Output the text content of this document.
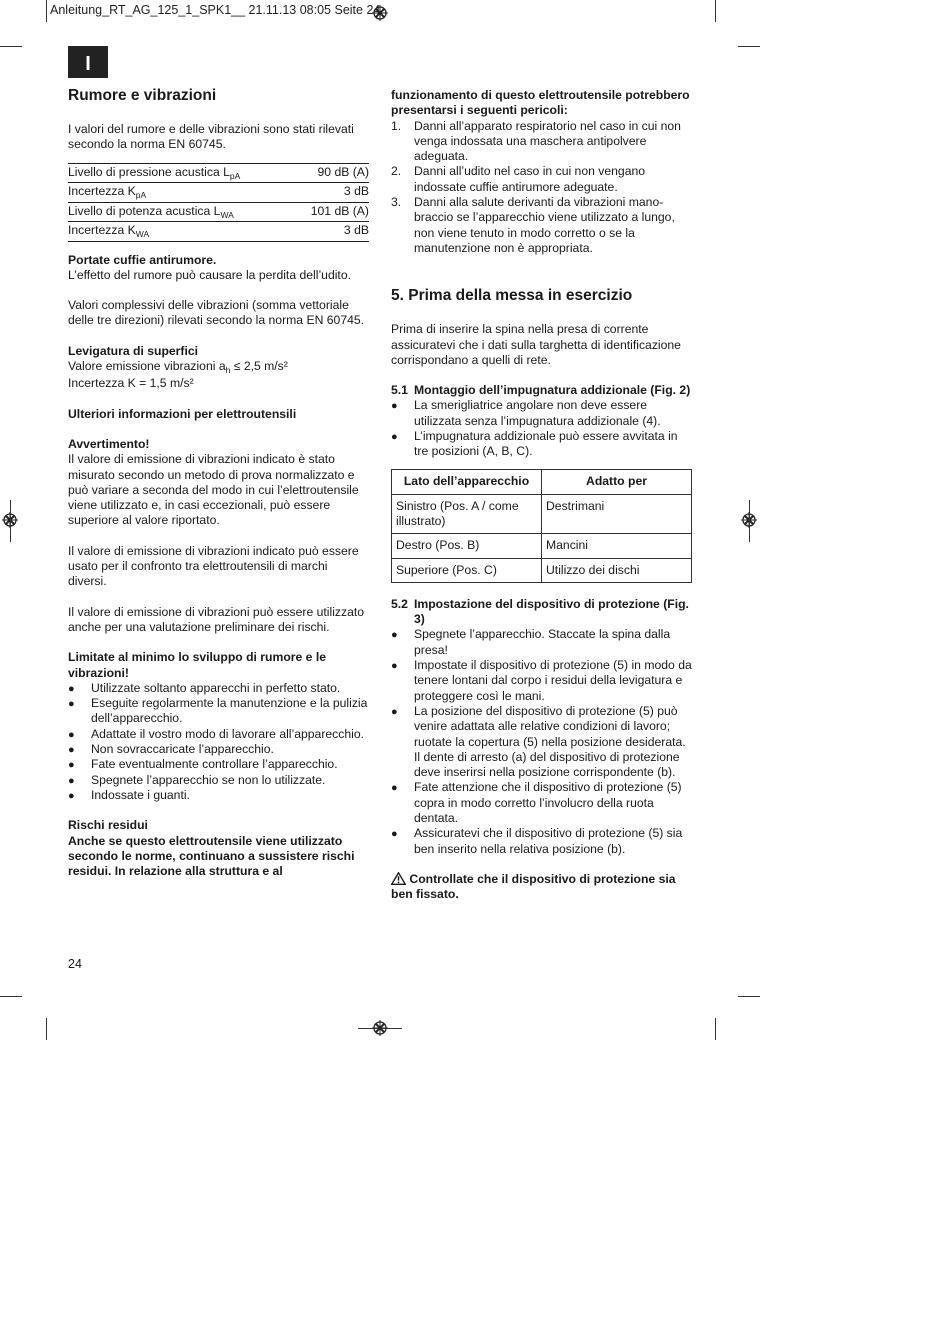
Anleitung_RT_AG_125_1_SPK1__ 21.11.13 08:05 Seite 24
I
Rumore e vibrazioni

I valori del rumore e delle vibrazioni sono stati rilevati secondo la norma EN 60745.

Livello di pressione acustica $L_{pA}$	90 dB (A)
Incertezza $K_{pA}$	3 dB
Livello di potenza acustica $L_{WA}$	101 dB (A)
Incertezza $K_{WA}$	3 dB

Portate cuffie antirumore.

L’effetto del rumore può causare la perdita dell’udito.

Valori complessivi delle vibrazioni (somma vettoriale delle tre direzioni) rilevati secondo la norma EN 60745.

Levigatura di superfici

Valore emissione vibrazioni $a_h \le 2,5$ m/s²

Incertezza K = 1,5 m/s²

Ulteriori informazioni per elettroutensili

Avvertimento!

Il valore di emissione di vibrazioni indicato è stato misurato secondo un metodo di prova normalizzato e può variare a seconda del modo in cui l’elettroutensile viene utilizzato e, in casi eccezionali, può essere superiore al valore riportato.

Il valore di emissione di vibrazioni indicato può essere usato per il confronto tra elettroutensili di marchi diversi.

Il valore di emissione di vibrazioni può essere utilizzato anche per una valutazione preliminare dei rischi.

Limitate al minimo lo sviluppo di rumore e le vibrazioni!

● Utilizzate soltanto apparecchi in perfetto stato.
● Eseguite regolarmente la manutenzione e la pulizia dell’apparecchio.
● Adattate il vostro modo di lavorare all’apparecchio.
● Non sovraccaricate l’apparecchio.
● Fate eventualmente controllare l’apparecchio.
● Spegnete l’apparecchio se non lo utilizzate.
● Indossate i guanti.

Rischi residui

Anche se questo elettroutensile viene utilizzato secondo le norme, continuano a sussistere rischi residui. In relazione alla struttura e al

funzionamento di questo elettroutensile potrebbero presentarsi i seguenti pericoli:

1. Danni all’apparato respiratorio nel caso in cui non venga indossata una maschera antipolvere adeguata.
2. Danni all’udito nel caso in cui non vengano indossate cuffie antirumore adeguate.
3. Danni alla salute derivanti da vibrazioni mano-braccio se l’apparecchio viene utilizzato a lungo, non viene tenuto in modo corretto o se la manutenzione non è appropriata.
5. Prima della messa in esercizio

Prima di inserire la spina nella presa di corrente assicuratevi che i dati sulla targhetta di identificazione corrispondano a quelli di rete.

5.1 Montaggio dell’impugnatura addizionale (Fig. 2)

● La smerigliatrice angolare non deve essere utilizzata senza l’impugnatura addizionale (4).
● L’impugnatura addizionale può essere avvitata in tre posizioni (A, B, C).
Lato dell’apparecchio	Adatto per
Sinistro (Pos. A / come illustrato)	Destrimani
Destro (Pos. B)	Mancini
Superiore (Pos. C)	Utilizzo dei dischi

5.2 Impostazione del dispositivo di protezione (Fig. 3)

● Spegnete l’apparecchio. Staccate la spina dalla presa!
● Impostate il dispositivo di protezione (5) in modo da tenere lontani dal corpo i residui della levigatura e proteggere così le mani.
● La posizione del dispositivo di protezione (5) può venire adattata alle relative condizioni di lavoro; ruotate la copertura (5) nella posizione desiderata. Il dente di arresto (a) del dispositivo di protezione deve inserirsi nella posizione corrispondente (b).
● Fate attenzione che il dispositivo di protezione (5) copra in modo corretto l’involucro della ruota dentata.
● Assicuratevi che il dispositivo di protezione (5) sia ben inserito nella relativa posizione (b).

Controllate che il dispositivo di protezione sia ben fissato.

24
